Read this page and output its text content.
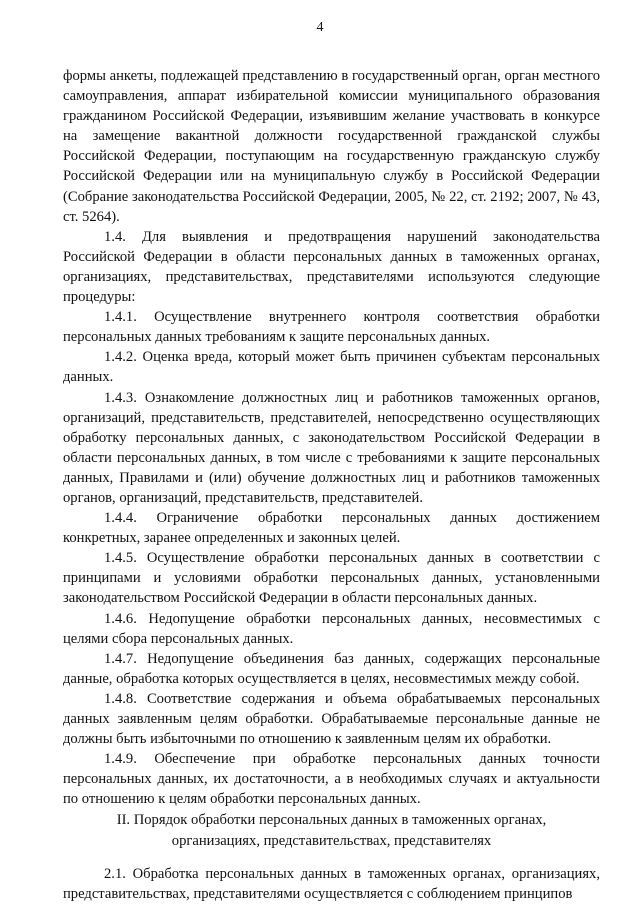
4

формы анкеты, подлежащей представлению в государственный орган, орган местного самоуправления, аппарат избирательной комиссии муниципального образования гражданином Российской Федерации, изъявившим желание участвовать в конкурсе на замещение вакантной должности государственной гражданской службы Российской Федерации, поступающим на государственную гражданскую службу Российской Федерации или на муниципальную службу в Российской Федерации (Собрание законодательства Российской Федерации, 2005, № 22, ст. 2192; 2007, № 43, ст. 5264).

1.4. Для выявления и предотвращения нарушений законодательства Российской Федерации в области персональных данных в таможенных органах, организациях, представительствах, представителями используются следующие процедуры:

1.4.1. Осуществление внутреннего контроля соответствия обработки персональных данных требованиям к защите персональных данных.

1.4.2. Оценка вреда, который может быть причинен субъектам персональных данных.

1.4.3. Ознакомление должностных лиц и работников таможенных органов, организаций, представительств, представителей, непосредственно осуществляющих обработку персональных данных, с законодательством Российской Федерации в области персональных данных, в том числе с требованиями к защите персональных данных, Правилами и (или) обучение должностных лиц и работников таможенных органов, организаций, представительств, представителей.

1.4.4. Ограничение обработки персональных данных достижением конкретных, заранее определенных и законных целей.

1.4.5. Осуществление обработки персональных данных в соответствии с принципами и условиями обработки персональных данных, установленными законодательством Российской Федерации в области персональных данных.

1.4.6. Недопущение обработки персональных данных, несовместимых с целями сбора персональных данных.

1.4.7. Недопущение объединения баз данных, содержащих персональные данные, обработка которых осуществляется в целях, несовместимых между собой.

1.4.8. Соответствие содержания и объема обрабатываемых персональных данных заявленным целям обработки. Обрабатываемые персональные данные не должны быть избыточными по отношению к заявленным целям их обработки.

1.4.9. Обеспечение при обработке персональных данных точности персональных данных, их достаточности, а в необходимых случаях и актуальности по отношению к целям обработки персональных данных.

II. Порядок обработки персональных данных в таможенных органах,
организациях, представительствах, представителях

2.1. Обработка персональных данных в таможенных органах, организациях, представительствах, представителями осуществляется с соблюдением принципов
